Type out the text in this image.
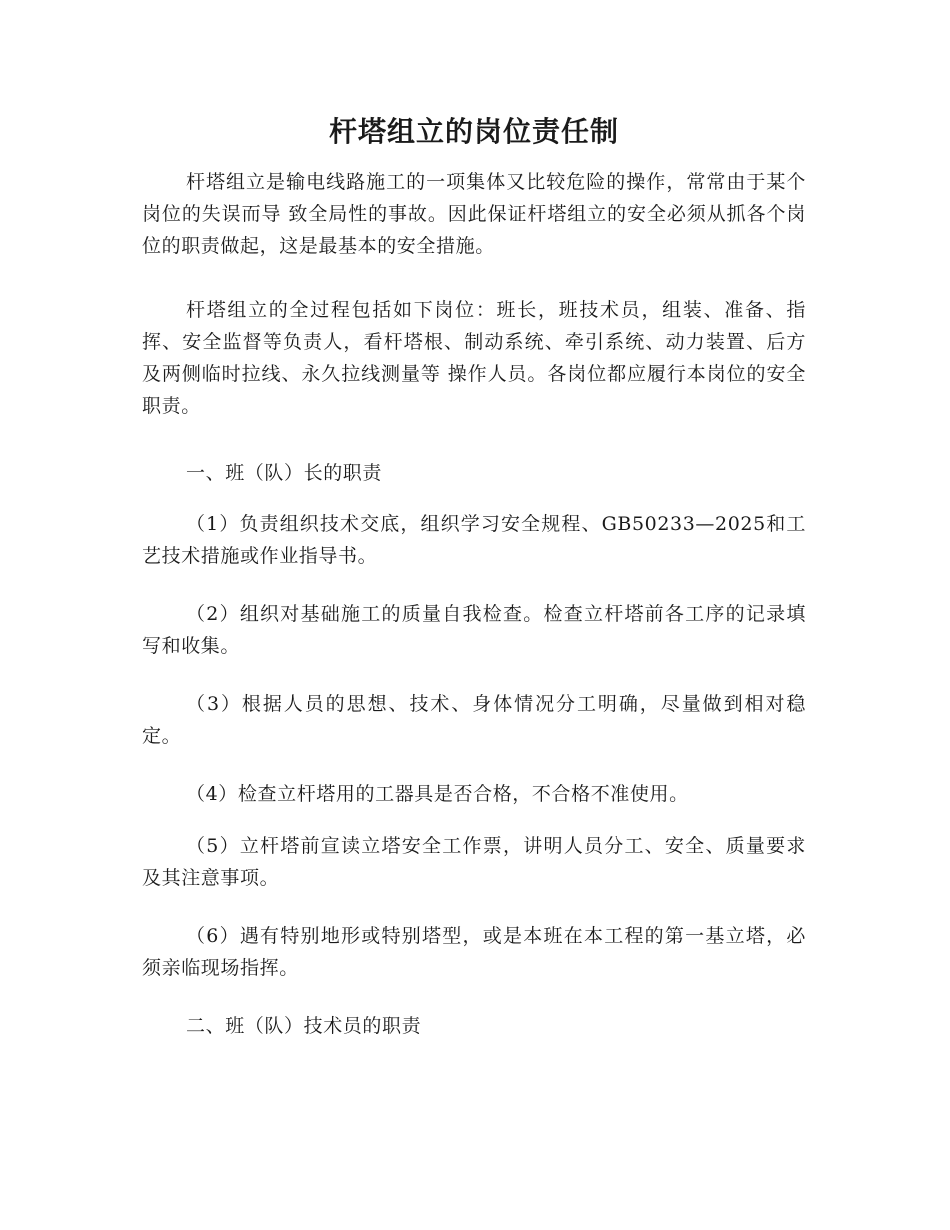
杆塔组立的岗位责任制

杆塔组立是输电线路施工的一项集体又比较危险的操作，常常由于某个岗位的失误而导 致全局性的事故。因此保证杆塔组立的安全必须从抓各个岗位的职责做起，这是最基本的安全措施。

杆塔组立的全过程包括如下岗位：班长，班技术员，组装、准备、指挥、安全监督等负责人，看杆塔根、制动系统、牵引系统、动力装置、后方及两侧临时拉线、永久拉线测量等 操作人员。各岗位都应履行本岗位的安全职责。

一、班（队）长的职责

（1）负责组织技术交底，组织学习安全规程、GB50233—2025和工艺技术措施或作业指导书。

（2）组织对基础施工的质量自我检查。检查立杆塔前各工序的记录填写和收集。

（3）根据人员的思想、技术、身体情况分工明确，尽量做到相对稳定。

（4）检查立杆塔用的工器具是否合格，不合格不准使用。

（5）立杆塔前宣读立塔安全工作票，讲明人员分工、安全、质量要求及其注意事项。

（6）遇有特别地形或特别塔型，或是本班在本工程的第一基立塔，必须亲临现场指挥。

二、班（队）技术员的职责
